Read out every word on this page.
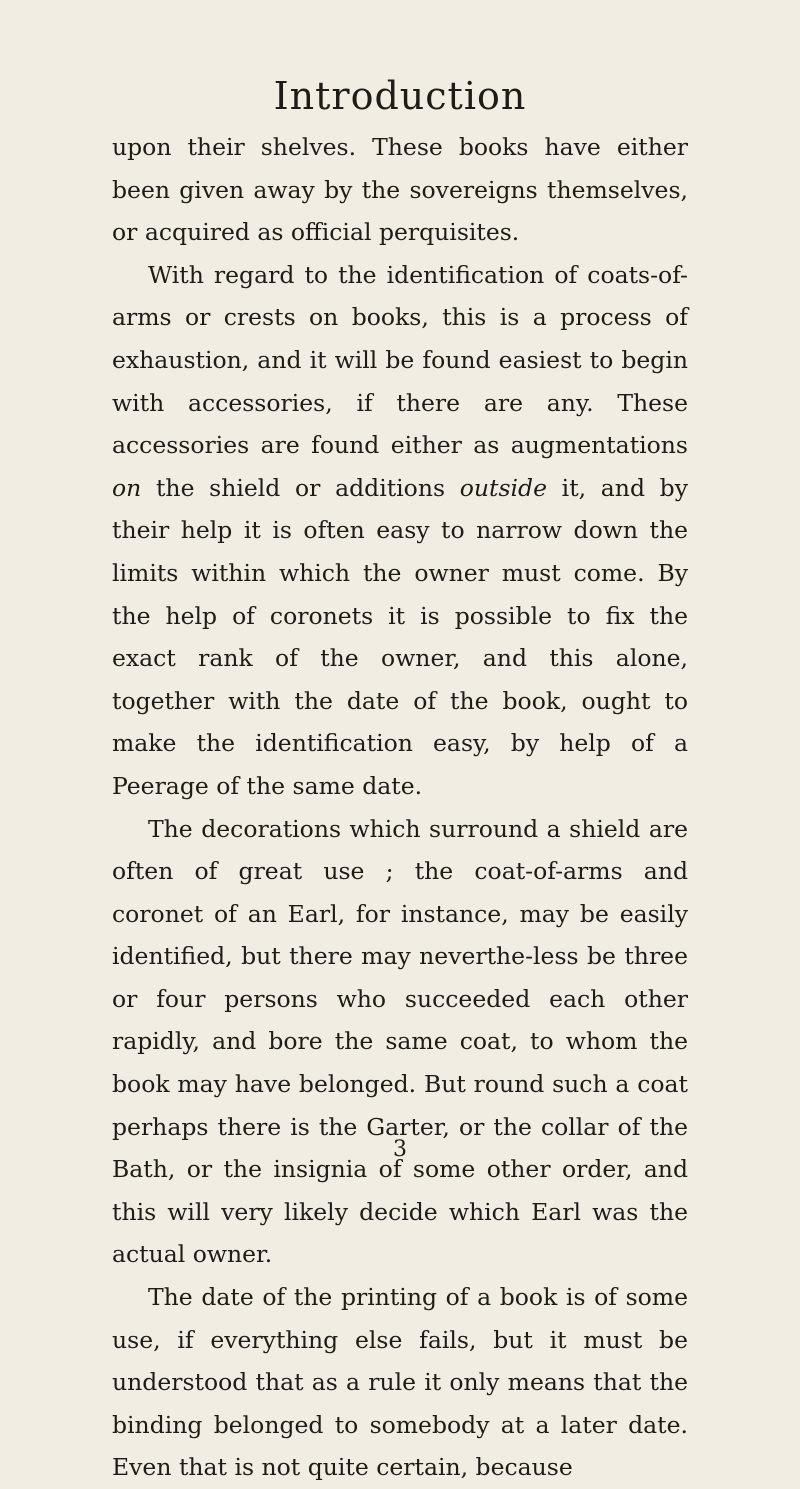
Introduction

upon their shelves. These books have either been given away by the sovereigns themselves, or acquired as official perquisites.

With regard to the identification of coats-of-arms or crests on books, this is a process of exhaustion, and it will be found easiest to begin with accessories, if there are any. These accessories are found either as augmentations on the shield or additions outside it, and by their help it is often easy to narrow down the limits within which the owner must come. By the help of coronets it is possible to fix the exact rank of the owner, and this alone, together with the date of the book, ought to make the identification easy, by help of a Peerage of the same date.

The decorations which surround a shield are often of great use ; the coat-of-arms and coronet of an Earl, for instance, may be easily identified, but there may neverthe-less be three or four persons who succeeded each other rapidly, and bore the same coat, to whom the book may have belonged. But round such a coat perhaps there is the Garter, or the collar of the Bath, or the insignia of some other order, and this will very likely decide which Earl was the actual owner.

The date of the printing of a book is of some use, if everything else fails, but it must be understood that as a rule it only means that the binding belonged to somebody at a later date. Even that is not quite certain, because

3
